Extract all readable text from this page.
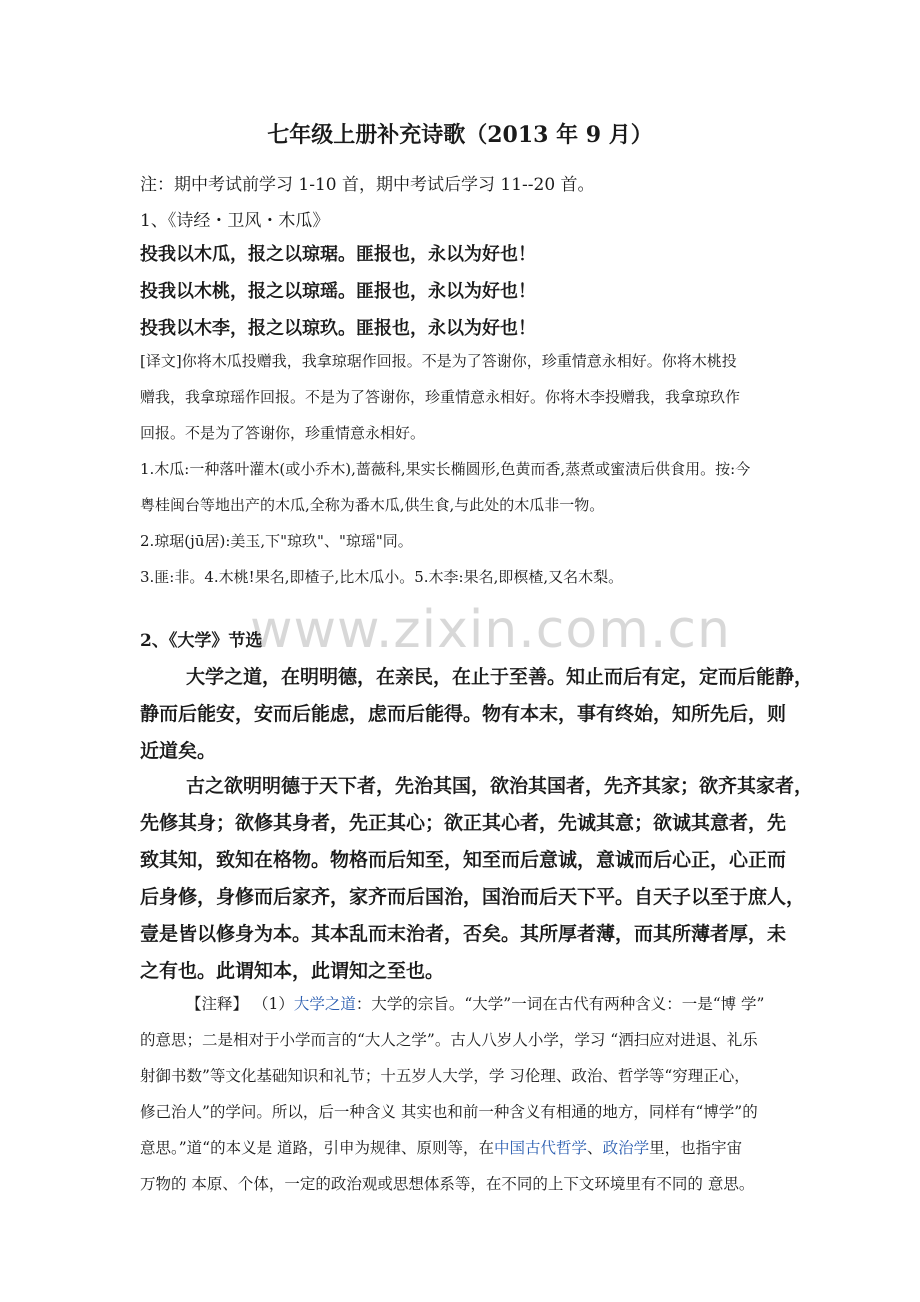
www.zixin.com.cn
七年级上册补充诗歌（2013 年 9 月）
注：期中考试前学习 1-10 首，期中考试后学习 11--20 首。
1、《诗经・卫风・木瓜》
投我以木瓜，报之以琼琚。匪报也，永以为好也！
投我以木桃，报之以琼瑶。匪报也，永以为好也！
投我以木李，报之以琼玖。匪报也，永以为好也！
[译文]你将木瓜投赠我，我拿琼琚作回报。不是为了答谢你，珍重情意永相好。你将木桃投
赠我，我拿琼瑶作回报。不是为了答谢你，珍重情意永相好。你将木李投赠我，我拿琼玖作
回报。不是为了答谢你，珍重情意永相好。
1.木瓜:一种落叶灌木(或小乔木),蔷薇科,果实长椭圆形,色黄而香,蒸煮或蜜渍后供食用。按:今
粤桂闽台等地出产的木瓜,全称为番木瓜,供生食,与此处的木瓜非一物。
2.琼琚(jū居):美玉,下"琼玖"、"琼瑶"同。
3.匪:非。4.木桃!果名,即楂子,比木瓜小。5.木李:果名,即榠楂,又名木梨。
2、《大学》节选
大学之道，在明明德，在亲民，在止于至善。知止而后有定，定而后能静，
静而后能安，安而后能虑，虑而后能得。物有本末，事有终始，知所先后，则
近道矣。
古之欲明明德于天下者，先治其国，欲治其国者，先齐其家；欲齐其家者，
先修其身；欲修其身者，先正其心；欲正其心者，先诚其意；欲诚其意者，先
致其知，致知在格物。物格而后知至，知至而后意诚，意诚而后心正，心正而
后身修，身修而后家齐，家齐而后国治，国治而后天下平。自天子以至于庶人，
壹是皆以修身为本。其本乱而末治者，否矣。其所厚者薄，而其所薄者厚，未
之有也。此谓知本，此谓知之至也。
【注释】 （1）大学之道：大学的宗旨。“大学”一词在古代有两种含义：一是“博 学”
的意思；二是相对于小学而言的“大人之学”。古人八岁人小学，学习 “洒扫应对进退、礼乐
射御书数”等文化基础知识和礼节；十五岁人大学，学 习伦理、政治、哲学等“穷理正心，
修己治人”的学问。所以，后一种含义 其实也和前一种含义有相通的地方，同样有“博学”的
意思。”道“的本义是 道路，引申为规律、原则等，在中国古代哲学、政治学里，也指宇宙
万物的 本原、个体，一定的政治观或思想体系等，在不同的上下文环境里有不同的 意思。
